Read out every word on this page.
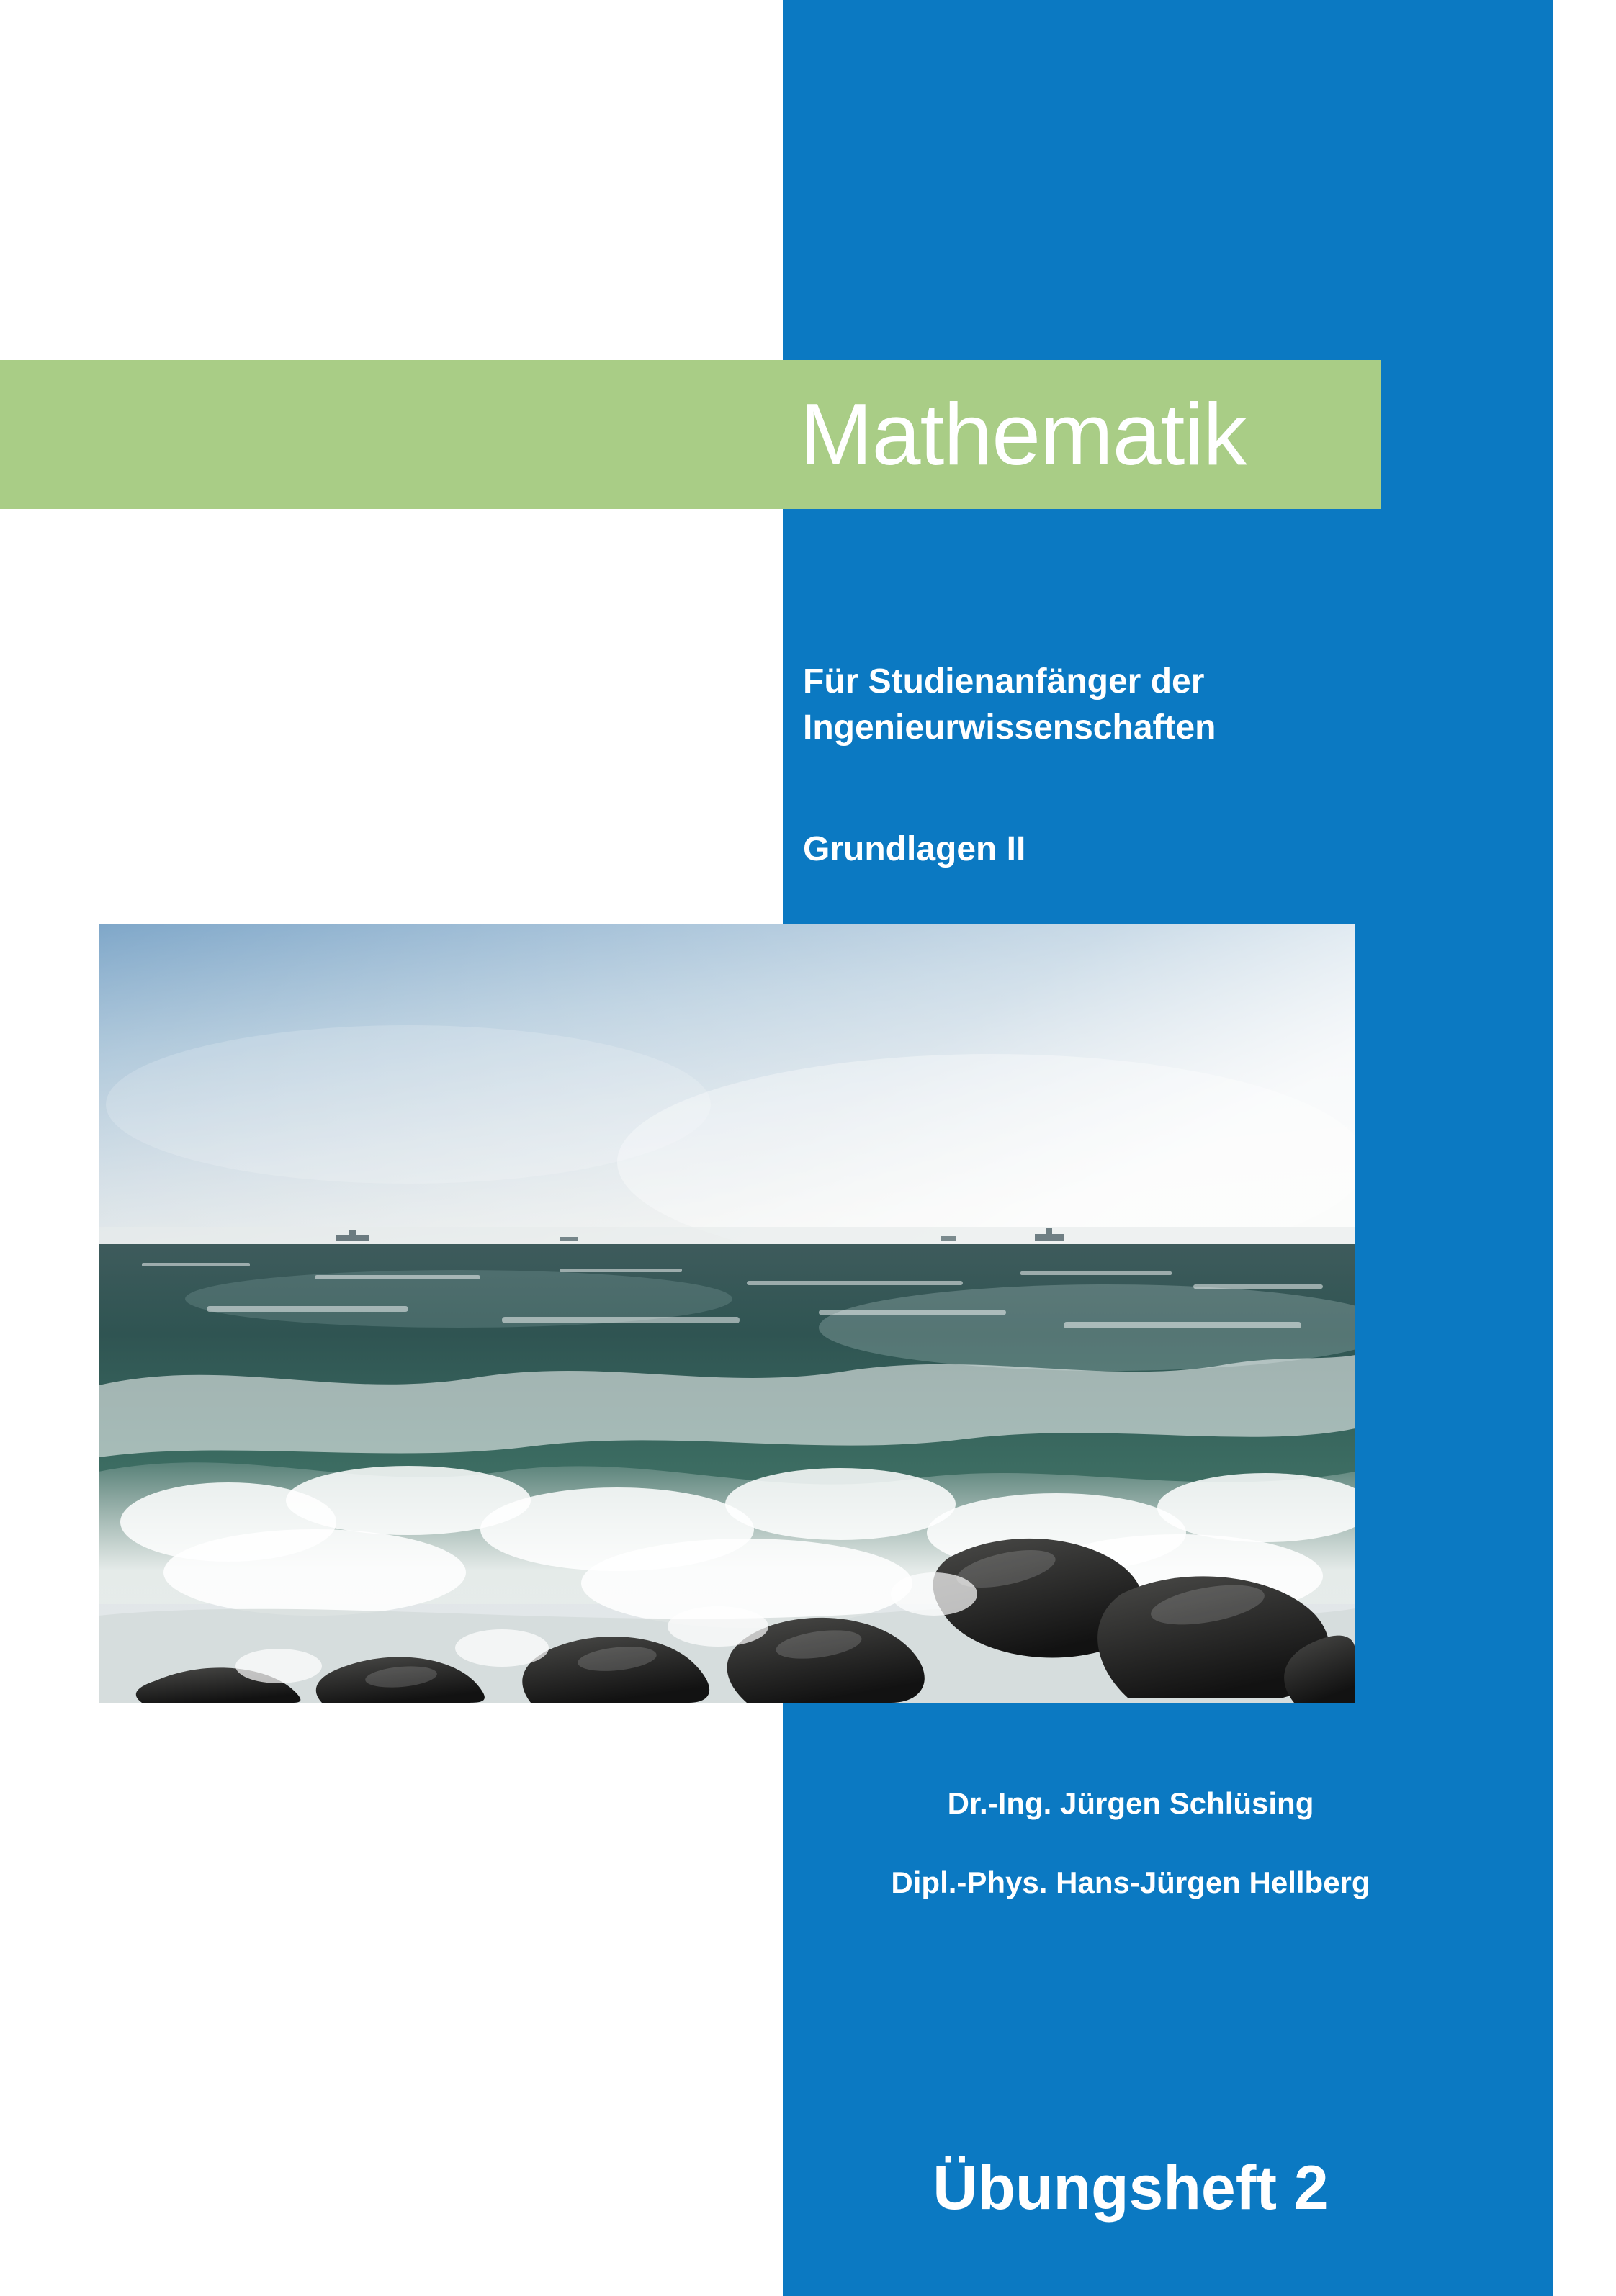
Mathematik
Für Studienanfänger der
Ingenieurwissenschaften
Grundlagen II
Dr.-Ing. Jürgen Schlüsing
Dipl.-Phys. Hans-Jürgen Hellberg
Übungsheft 2
